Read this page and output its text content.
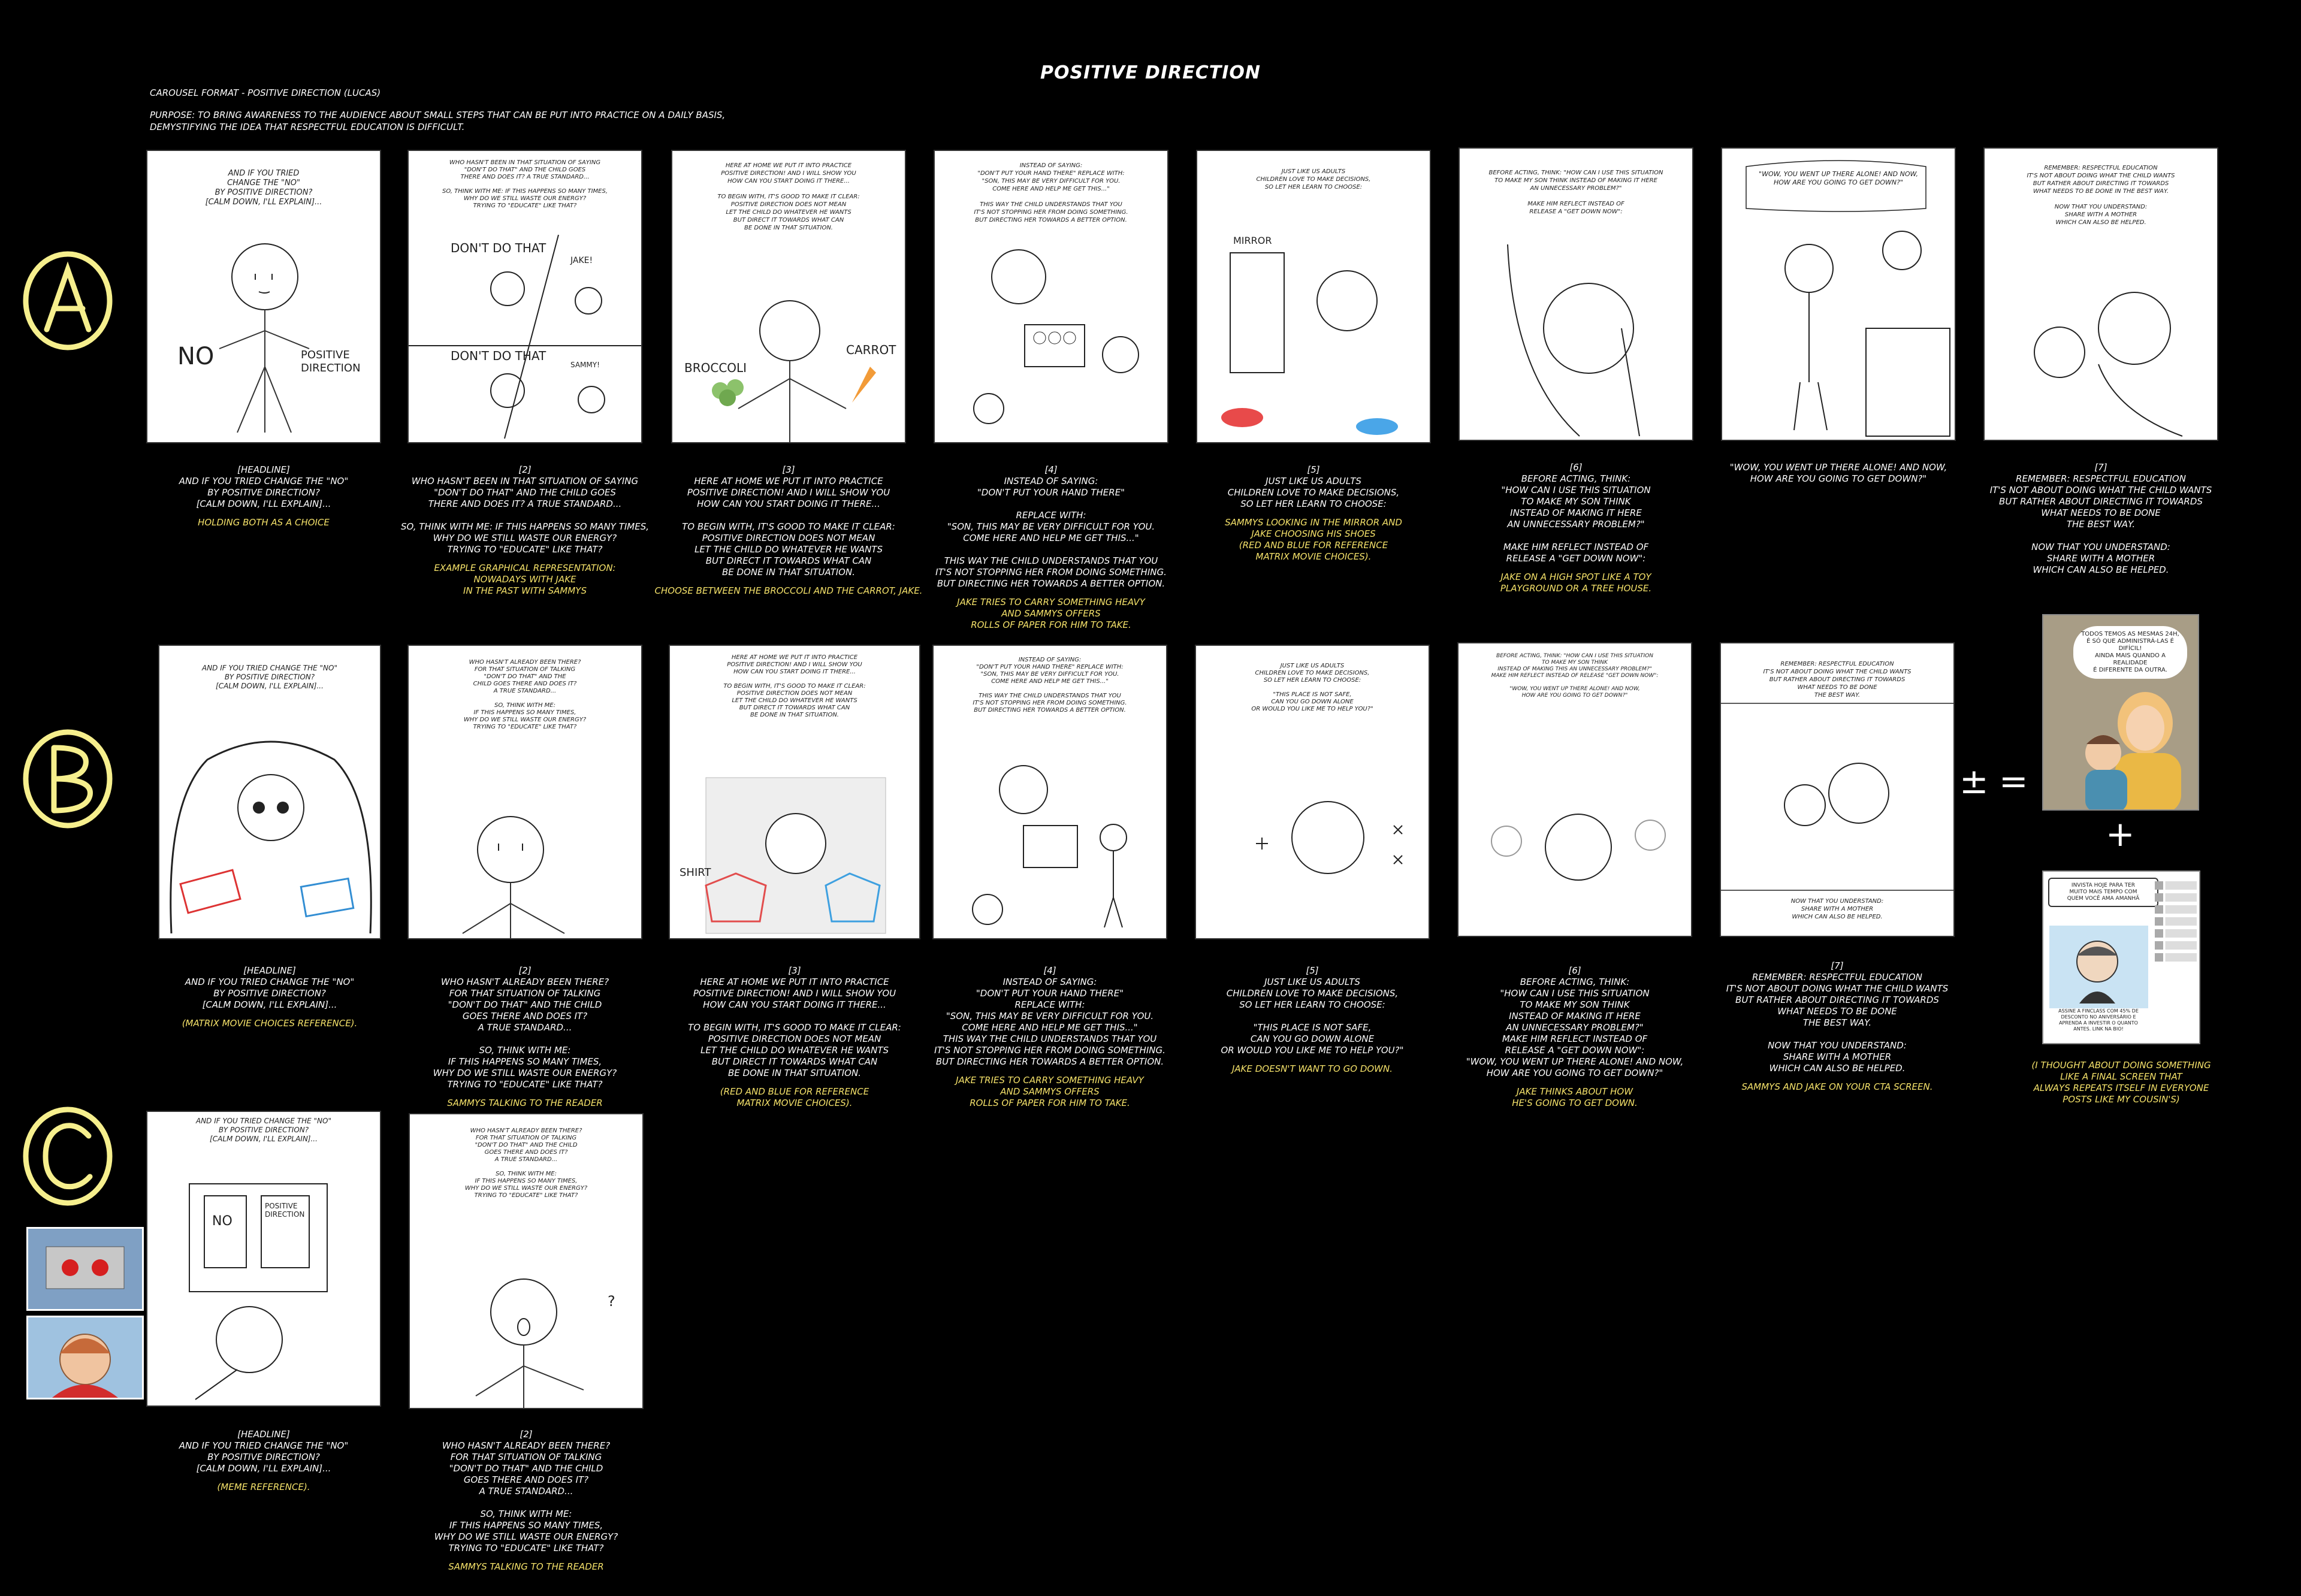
POSITIVE DIRECTION
CAROUSEL FORMAT - POSITIVE DIRECTION (LUCAS)
PURPOSE: TO BRING AWARENESS TO THE AUDIENCE ABOUT SMALL STEPS THAT CAN BE PUT INTO PRACTICE ON A DAILY BASIS,
DEMYSTIFYING THE IDEA THAT RESPECTFUL EDUCATION IS DIFFICULT.
AND IF YOU TRIED
CHANGE THE "NO"
BY POSITIVE DIRECTION?
[CALM DOWN, I'LL EXPLAIN]...
NO	POSITIVE DIRECTION

[HEADLINE]
AND IF YOU TRIED CHANGE THE "NO"
BY POSITIVE DIRECTION?
[CALM DOWN, I'LL EXPLAIN]...
HOLDING BOTH AS A CHOICE

WHO HASN'T BEEN IN THAT SITUATION OF SAYING
"DON'T DO THAT" AND THE CHILD GOES
THERE AND DOES IT? A TRUE STANDARD...

SO, THINK WITH ME: IF THIS HAPPENS SO MANY TIMES,
WHY DO WE STILL WASTE OUR ENERGY?
TRYING TO "EDUCATE" LIKE THAT?
DON'T DO THAT
JAKE!
DON'T DO THAT
SAMMY!

[2]
WHO HASN'T BEEN IN THAT SITUATION OF SAYING
"DON'T DO THAT" AND THE CHILD GOES
THERE AND DOES IT? A TRUE STANDARD...

SO, THINK WITH ME: IF THIS HAPPENS SO MANY TIMES,
WHY DO WE STILL WASTE OUR ENERGY?
TRYING TO "EDUCATE" LIKE THAT?
EXAMPLE GRAPHICAL REPRESENTATION:
NOWADAYS WITH JAKE
IN THE PAST WITH SAMMYS

HERE AT HOME WE PUT IT INTO PRACTICE
POSITIVE DIRECTION! AND I WILL SHOW YOU
HOW CAN YOU START DOING IT THERE...

TO BEGIN WITH, IT'S GOOD TO MAKE IT CLEAR:
POSITIVE DIRECTION DOES NOT MEAN
LET THE CHILD DO WHATEVER HE WANTS
BUT DIRECT IT TOWARDS WHAT CAN
BE DONE IN THAT SITUATION.
BROCCOLI
CARROT

[3]
HERE AT HOME WE PUT IT INTO PRACTICE
POSITIVE DIRECTION! AND I WILL SHOW YOU
HOW CAN YOU START DOING IT THERE...

TO BEGIN WITH, IT'S GOOD TO MAKE IT CLEAR:
POSITIVE DIRECTION DOES NOT MEAN
LET THE CHILD DO WHATEVER HE WANTS
BUT DIRECT IT TOWARDS WHAT CAN
BE DONE IN THAT SITUATION.
CHOOSE BETWEEN THE BROCCOLI AND THE CARROT, JAKE.

INSTEAD OF SAYING:
"DON'T PUT YOUR HAND THERE" REPLACE WITH:
"SON, THIS MAY BE VERY DIFFICULT FOR YOU.
COME HERE AND HELP ME GET THIS..."

THIS WAY THE CHILD UNDERSTANDS THAT YOU
IT'S NOT STOPPING HER FROM DOING SOMETHING.
BUT DIRECTING HER TOWARDS A BETTER OPTION.

[4]
INSTEAD OF SAYING:
"DON'T PUT YOUR HAND THERE"

REPLACE WITH:
"SON, THIS MAY BE VERY DIFFICULT FOR YOU.
COME HERE AND HELP ME GET THIS..."

THIS WAY THE CHILD UNDERSTANDS THAT YOU
IT'S NOT STOPPING HER FROM DOING SOMETHING.
BUT DIRECTING HER TOWARDS A BETTER OPTION.
JAKE TRIES TO CARRY SOMETHING HEAVY
AND SAMMYS OFFERS
ROLLS OF PAPER FOR HIM TO TAKE.

JUST LIKE US ADULTS
CHILDREN LOVE TO MAKE DECISIONS,
SO LET HER LEARN TO CHOOSE:
MIRROR

[5]
JUST LIKE US ADULTS
CHILDREN LOVE TO MAKE DECISIONS,
SO LET HER LEARN TO CHOOSE:
SAMMYS LOOKING IN THE MIRROR AND
JAKE CHOOSING HIS SHOES
(RED AND BLUE FOR REFERENCE
MATRIX MOVIE CHOICES).

BEFORE ACTING, THINK: "HOW CAN I USE THIS SITUATION
TO MAKE MY SON THINK INSTEAD OF MAKING IT HERE
AN UNNECESSARY PROBLEM?"

MAKE HIM REFLECT INSTEAD OF
RELEASE A "GET DOWN NOW":

[6]
BEFORE ACTING, THINK:
"HOW CAN I USE THIS SITUATION
TO MAKE MY SON THINK
INSTEAD OF MAKING IT HERE
AN UNNECESSARY PROBLEM?"

MAKE HIM REFLECT INSTEAD OF
RELEASE A "GET DOWN NOW":
JAKE ON A HIGH SPOT LIKE A TOY
PLAYGROUND OR A TREE HOUSE.

"WOW, YOU WENT UP THERE ALONE! AND NOW,
HOW ARE YOU GOING TO GET DOWN?"

"WOW, YOU WENT UP THERE ALONE! AND NOW,
HOW ARE YOU GOING TO GET DOWN?"

REMEMBER: RESPECTFUL EDUCATION
IT'S NOT ABOUT DOING WHAT THE CHILD WANTS
BUT RATHER ABOUT DIRECTING IT TOWARDS
WHAT NEEDS TO BE DONE IN THE BEST WAY.

NOW THAT YOU UNDERSTAND:
SHARE WITH A MOTHER
WHICH CAN ALSO BE HELPED.

[7]
REMEMBER: RESPECTFUL EDUCATION
IT'S NOT ABOUT DOING WHAT THE CHILD WANTS
BUT RATHER ABOUT DIRECTING IT TOWARDS
WHAT NEEDS TO BE DONE
THE BEST WAY.

NOW THAT YOU UNDERSTAND:
SHARE WITH A MOTHER
WHICH CAN ALSO BE HELPED.

AND IF YOU TRIED CHANGE THE "NO"
BY POSITIVE DIRECTION?
[CALM DOWN, I'LL EXPLAIN]...

[HEADLINE]
AND IF YOU TRIED CHANGE THE "NO"
BY POSITIVE DIRECTION?
[CALM DOWN, I'LL EXPLAIN]...
(MATRIX MOVIE CHOICES REFERENCE).

WHO HASN'T ALREADY BEEN THERE?
FOR THAT SITUATION OF TALKING
"DON'T DO THAT" AND THE
CHILD GOES THERE AND DOES IT?
A TRUE STANDARD...

SO, THINK WITH ME:
IF THIS HAPPENS SO MANY TIMES,
WHY DO WE STILL WASTE OUR ENERGY?
TRYING TO "EDUCATE" LIKE THAT?

[2]
WHO HASN'T ALREADY BEEN THERE?
FOR THAT SITUATION OF TALKING
"DON'T DO THAT" AND THE CHILD
GOES THERE AND DOES IT?
A TRUE STANDARD...

SO, THINK WITH ME:
IF THIS HAPPENS SO MANY TIMES,
WHY DO WE STILL WASTE OUR ENERGY?
TRYING TO "EDUCATE" LIKE THAT?
SAMMYS TALKING TO THE READER

HERE AT HOME WE PUT IT INTO PRACTICE
POSITIVE DIRECTION! AND I WILL SHOW YOU
HOW CAN YOU START DOING IT THERE...

TO BEGIN WITH, IT'S GOOD TO MAKE IT CLEAR:
POSITIVE DIRECTION DOES NOT MEAN
LET THE CHILD DO WHATEVER HE WANTS
BUT DIRECT IT TOWARDS WHAT CAN
BE DONE IN THAT SITUATION.
SHIRT

[3]
HERE AT HOME WE PUT IT INTO PRACTICE
POSITIVE DIRECTION! AND I WILL SHOW YOU
HOW CAN YOU START DOING IT THERE...

TO BEGIN WITH, IT'S GOOD TO MAKE IT CLEAR:
POSITIVE DIRECTION DOES NOT MEAN
LET THE CHILD DO WHATEVER HE WANTS
BUT DIRECT IT TOWARDS WHAT CAN
BE DONE IN THAT SITUATION.
(RED AND BLUE FOR REFERENCE
MATRIX MOVIE CHOICES).

INSTEAD OF SAYING:
"DON'T PUT YOUR HAND THERE" REPLACE WITH:
"SON, THIS MAY BE VERY DIFFICULT FOR YOU.
COME HERE AND HELP ME GET THIS..."

THIS WAY THE CHILD UNDERSTANDS THAT YOU
IT'S NOT STOPPING HER FROM DOING SOMETHING.
BUT DIRECTING HER TOWARDS A BETTER OPTION.

[4]
INSTEAD OF SAYING:
"DON'T PUT YOUR HAND THERE"
REPLACE WITH:
"SON, THIS MAY BE VERY DIFFICULT FOR YOU.
COME HERE AND HELP ME GET THIS..."
THIS WAY THE CHILD UNDERSTANDS THAT YOU
IT'S NOT STOPPING HER FROM DOING SOMETHING.
BUT DIRECTING HER TOWARDS A BETTER OPTION.
JAKE TRIES TO CARRY SOMETHING HEAVY
AND SAMMYS OFFERS
ROLLS OF PAPER FOR HIM TO TAKE.

JUST LIKE US ADULTS
CHILDREN LOVE TO MAKE DECISIONS,
SO LET HER LEARN TO CHOOSE:

"THIS PLACE IS NOT SAFE,
CAN YOU GO DOWN ALONE
OR WOULD YOU LIKE ME TO HELP YOU?"

[5]
JUST LIKE US ADULTS
CHILDREN LOVE TO MAKE DECISIONS,
SO LET HER LEARN TO CHOOSE:

"THIS PLACE IS NOT SAFE,
CAN YOU GO DOWN ALONE
OR WOULD YOU LIKE ME TO HELP YOU?"
JAKE DOESN'T WANT TO GO DOWN.

BEFORE ACTING, THINK: "HOW CAN I USE THIS SITUATION
TO MAKE MY SON THINK
INSTEAD OF MAKING THIS AN UNNECESSARY PROBLEM?"
MAKE HIM REFLECT INSTEAD OF RELEASE "GET DOWN NOW":

"WOW, YOU WENT UP THERE ALONE! AND NOW,
HOW ARE YOU GOING TO GET DOWN?"

[6]
BEFORE ACTING, THINK:
"HOW CAN I USE THIS SITUATION
TO MAKE MY SON THINK
INSTEAD OF MAKING IT HERE
AN UNNECESSARY PROBLEM?"
MAKE HIM REFLECT INSTEAD OF
RELEASE A "GET DOWN NOW":
"WOW, YOU WENT UP THERE ALONE! AND NOW,
HOW ARE YOU GOING TO GET DOWN?"
JAKE THINKS ABOUT HOW
HE'S GOING TO GET DOWN.

REMEMBER: RESPECTFUL EDUCATION
IT'S NOT ABOUT DOING WHAT THE CHILD WANTS
BUT RATHER ABOUT DIRECTING IT TOWARDS
WHAT NEEDS TO BE DONE
THE BEST WAY.
NOW THAT YOU UNDERSTAND:
SHARE WITH A MOTHER
WHICH CAN ALSO BE HELPED.

[7]
REMEMBER: RESPECTFUL EDUCATION
IT'S NOT ABOUT DOING WHAT THE CHILD WANTS
BUT RATHER ABOUT DIRECTING IT TOWARDS
WHAT NEEDS TO BE DONE
THE BEST WAY.

NOW THAT YOU UNDERSTAND:
SHARE WITH A MOTHER
WHICH CAN ALSO BE HELPED.
SAMMYS AND JAKE ON YOUR CTA SCREEN.

± =
+
TODOS TEMOS AS MESMAS 24H,
É SÓ QUE ADMINISTRÁ-LAS É DIFÍCIL!
AINDA MAIS QUANDO A REALIDADE
É DIFERENTE DA OUTRA.
INVISTA HOJE PARA TER
MUITO MAIS TEMPO COM
QUEM VOCÊ AMA AMANHÃ
ASSINE A FINCLASS COM 45% DE
DESCONTO NO ANIVERSÁRIO E
APRENDA A INVESTIR O QUANTO
ANTES. LINK NA BIO!

(I THOUGHT ABOUT DOING SOMETHING
LIKE A FINAL SCREEN THAT
ALWAYS REPEATS ITSELF IN EVERYONE
POSTS LIKE MY COUSIN'S)

AND IF YOU TRIED CHANGE THE "NO"
BY POSITIVE DIRECTION?
[CALM DOWN, I'LL EXPLAIN]...
NO
POSITIVE DIRECTION

[HEADLINE]
AND IF YOU TRIED CHANGE THE "NO"
BY POSITIVE DIRECTION?
[CALM DOWN, I'LL EXPLAIN]...
(MEME REFERENCE).

WHO HASN'T ALREADY BEEN THERE?
FOR THAT SITUATION OF TALKING
"DON'T DO THAT" AND THE CHILD
GOES THERE AND DOES IT?
A TRUE STANDARD...

SO, THINK WITH ME:
IF THIS HAPPENS SO MANY TIMES,
WHY DO WE STILL WASTE OUR ENERGY?
TRYING TO "EDUCATE" LIKE THAT?
?

[2]
WHO HASN'T ALREADY BEEN THERE?
FOR THAT SITUATION OF TALKING
"DON'T DO THAT" AND THE CHILD
GOES THERE AND DOES IT?
A TRUE STANDARD...

SO, THINK WITH ME:
IF THIS HAPPENS SO MANY TIMES,
WHY DO WE STILL WASTE OUR ENERGY?
TRYING TO "EDUCATE" LIKE THAT?
SAMMYS TALKING TO THE READER
